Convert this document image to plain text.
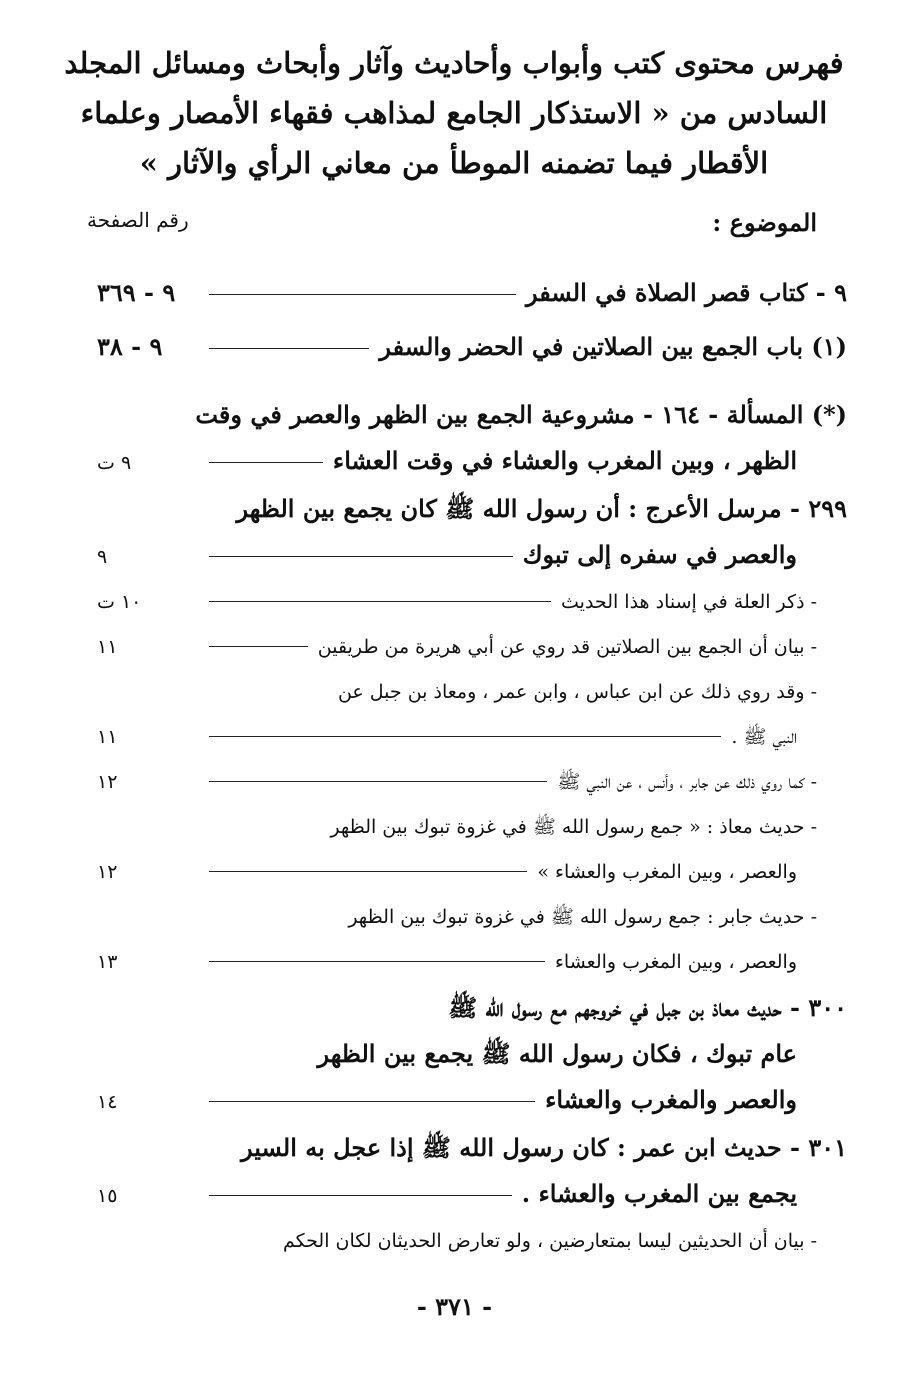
فهرس محتوى كتب وأبواب وأحاديث وآثار وأبحاث ومسائل المجلد
السادس من « الاستذكار الجامع لمذاهب فقهاء الأمصار وعلماء
الأقطار فيما تضمنه الموطأ من معاني الرأي والآثار »
الموضوع :
رقم الصفحة
٩ - كتاب قصر الصلاة في السفر
٩ - ٣٦٩
(١) باب الجمع بين الصلاتين في الحضر والسفر
٩ - ٣٨

(*) المسألة - ١٦٤ - مشروعية الجمع بين الظهر والعصر في وقت

الظهر ، وبين المغرب والعشاء في وقت العشاء
٩ ت

٢٩٩ - مرسل الأعرج : أن رسول الله ﷺ كان يجمع بين الظهر

والعصر في سفره إلى تبوك
٩
- ذكر العلة في إسناد هذا الحديث
١٠ ت
- بيان أن الجمع بين الصلاتين قد روي عن أبي هريرة من طريقين
١١

- وقد روي ذلك عن ابن عباس ، وابن عمر ، ومعاذ بن جبل عن

النبي ﷺ .
١١
- كما روي ذلك عن جابر ، وأنس ، عن النبي ﷺ
١٢

- حديث معاذ : « جمع رسول الله ﷺ في غزوة تبوك بين الظهر

والعصر ، وبين المغرب والعشاء »
١٢

- حديث جابر : جمع رسول الله ﷺ في غزوة تبوك بين الظهر

والعصر ، وبين المغرب والعشاء
١٣

٣٠٠ - حديث معاذ بن جبل في خروجهم مع رسول الله ﷺ

عام تبوك ، فكان رسول الله ﷺ يجمع بين الظهر

والعصر والمغرب والعشاء
١٤

٣٠١ - حديث ابن عمر : كان رسول الله ﷺ إذا عجل به السير

يجمع بين المغرب والعشاء .
١٥

- بيان أن الحديثين ليسا بمتعارضين ، ولو تعارض الحديثان لكان الحكم

- ٣٧١ -
